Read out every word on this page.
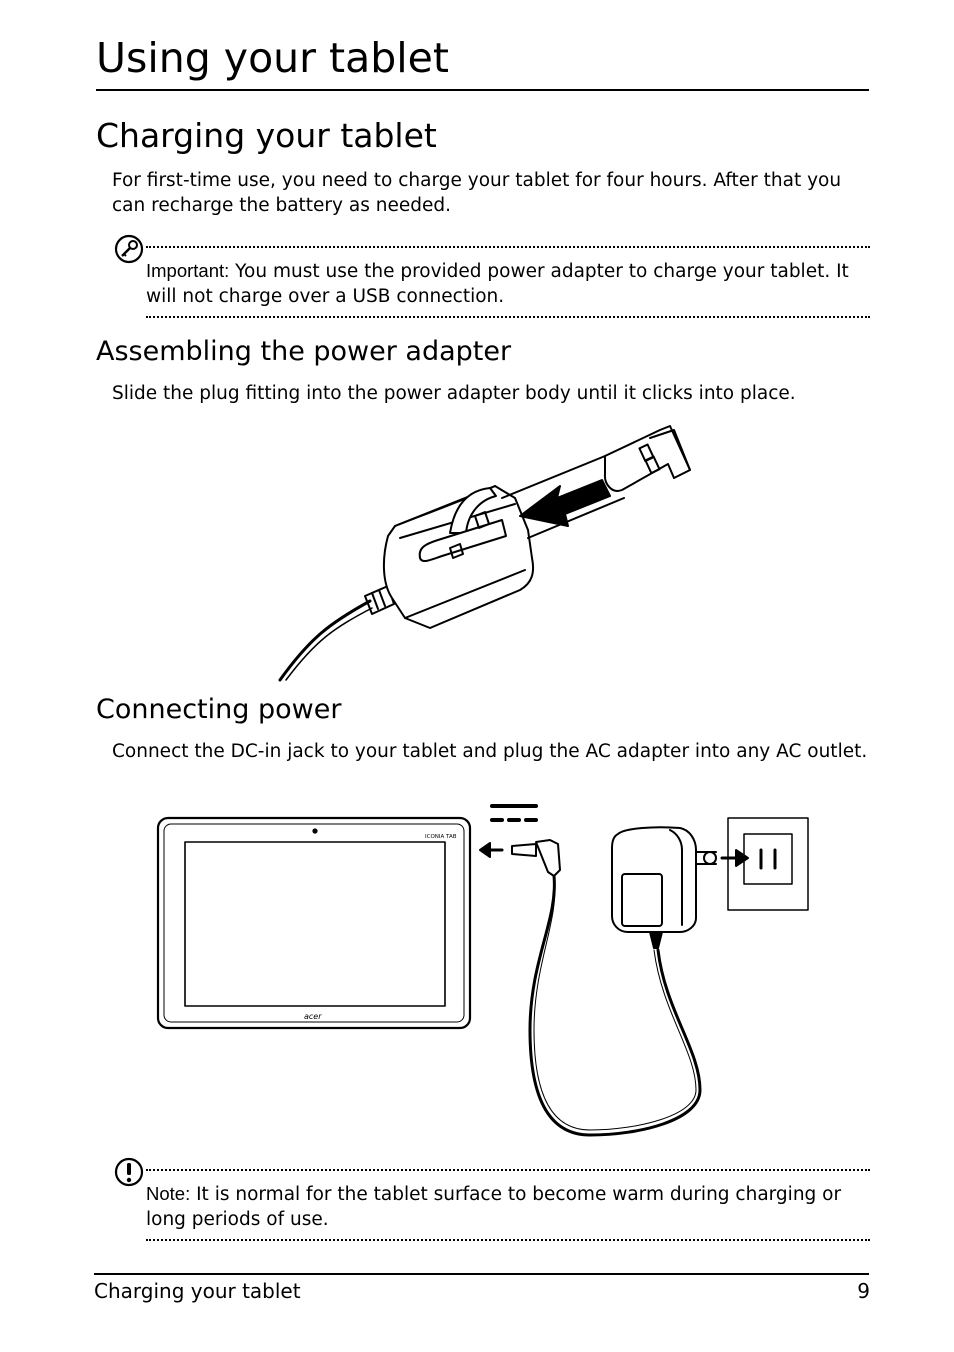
Using your tablet
Charging your tablet

For first-time use, you need to charge your tablet for four hours. After that you can recharge the battery as needed.

Important: You must use the provided power adapter to charge your tablet. It will not charge over a USB connection.

Assembling the power adapter

Slide the plug fitting into the power adapter body until it clicks into place.

Connecting power

Connect the DC-in jack to your tablet and plug the AC adapter into any AC outlet.

ICONIA TAB
acer

Note: It is normal for the tablet surface to become warm during charging or long periods of use.

Charging your tablet	9
